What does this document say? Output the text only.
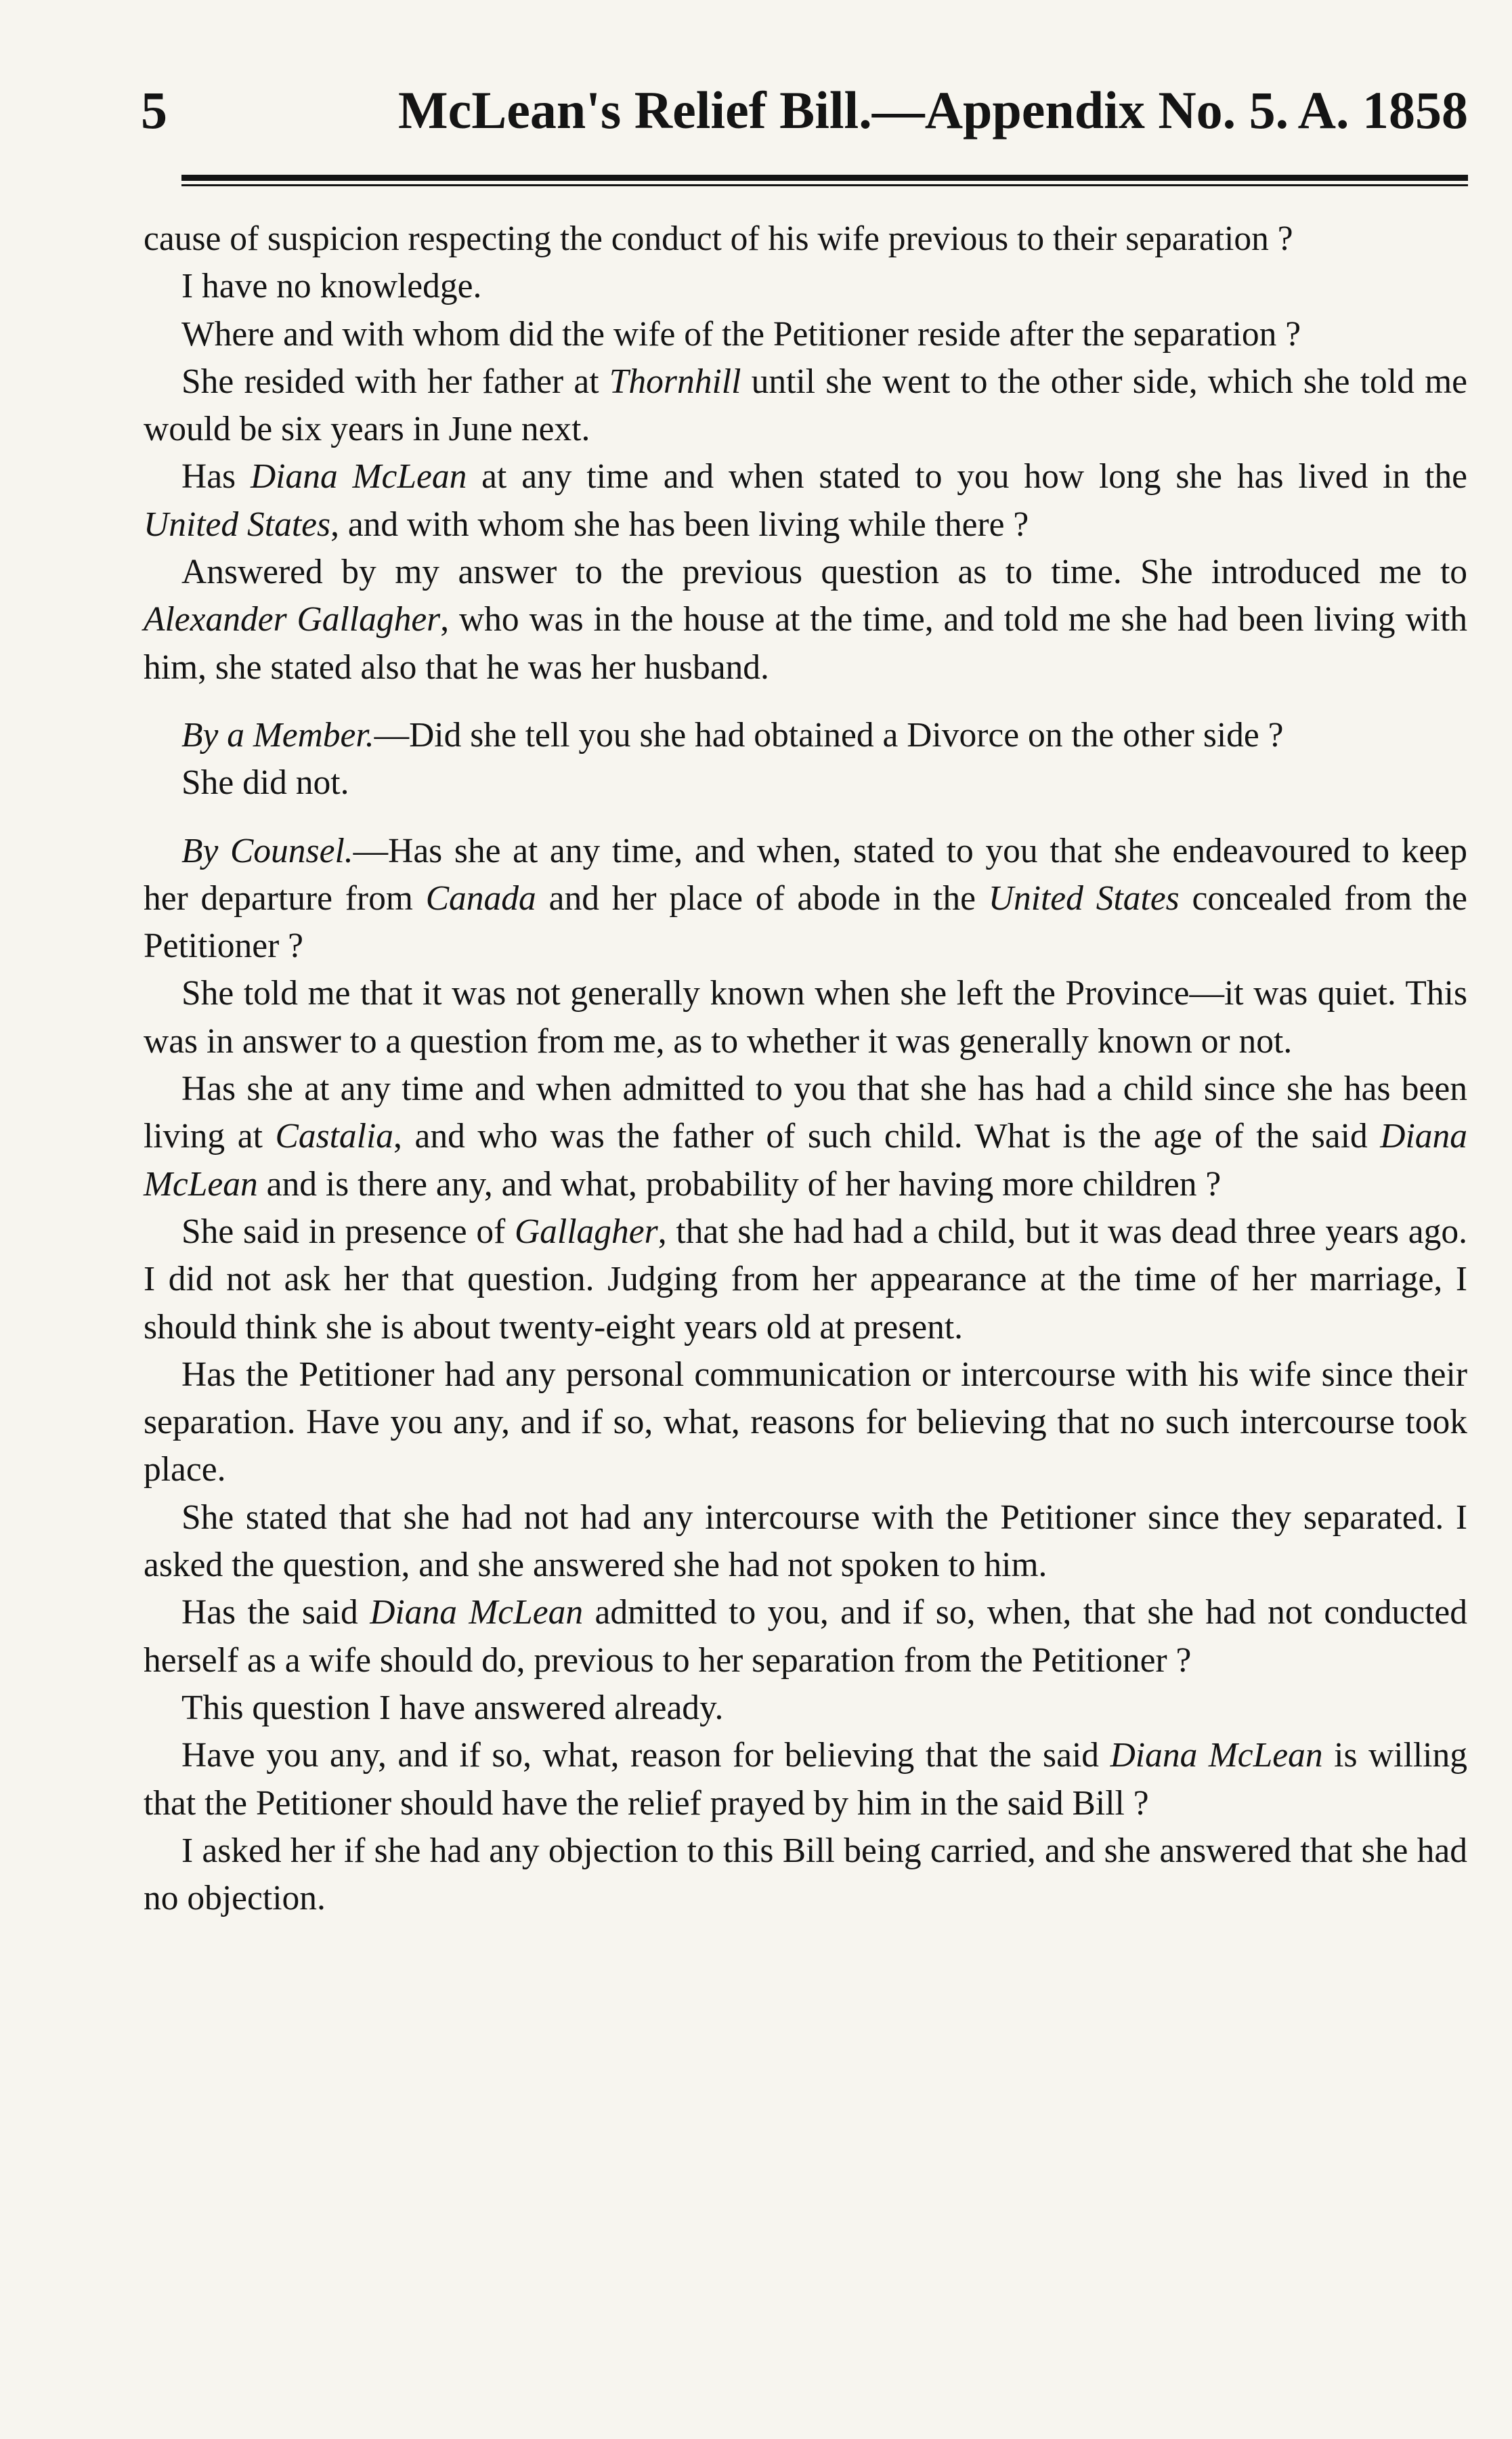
5	McLean's Relief Bill.—Appendix No. 5. A. 1858

cause of suspicion respecting the conduct of his wife previous to their separation ?

I have no knowledge.

Where and with whom did the wife of the Petitioner reside after the separation ?

She resided with her father at Thornhill until she went to the other side, which she told me would be six years in June next.

Has Diana McLean at any time and when stated to you how long she has lived in the United States, and with whom she has been living while there ?

Answered by my answer to the previous question as to time. She introduced me to Alexander Gallagher, who was in the house at the time, and told me she had been living with him, she stated also that he was her husband.

By a Member.—Did she tell you she had obtained a Divorce on the other side ?

She did not.

By Counsel.—Has she at any time, and when, stated to you that she endeavoured to keep her departure from Canada and her place of abode in the United States concealed from the Petitioner ?

She told me that it was not generally known when she left the Province—it was quiet. This was in answer to a question from me, as to whether it was generally known or not.

Has she at any time and when admitted to you that she has had a child since she has been living at Castalia, and who was the father of such child. What is the age of the said Diana McLean and is there any, and what, probability of her having more children ?

She said in presence of Gallagher, that she had had a child, but it was dead three years ago. I did not ask her that question. Judging from her appearance at the time of her marriage, I should think she is about twenty-eight years old at present.

Has the Petitioner had any personal communication or intercourse with his wife since their separation. Have you any, and if so, what, reasons for believing that no such intercourse took place.

She stated that she had not had any intercourse with the Petitioner since they separated. I asked the question, and she answered she had not spoken to him.

Has the said Diana McLean admitted to you, and if so, when, that she had not conducted herself as a wife should do, previous to her separation from the Petitioner ?

This question I have answered already.

Have you any, and if so, what, reason for believing that the said Diana McLean is willing that the Petitioner should have the relief prayed by him in the said Bill ?

I asked her if she had any objection to this Bill being carried, and she answered that she had no objection.
